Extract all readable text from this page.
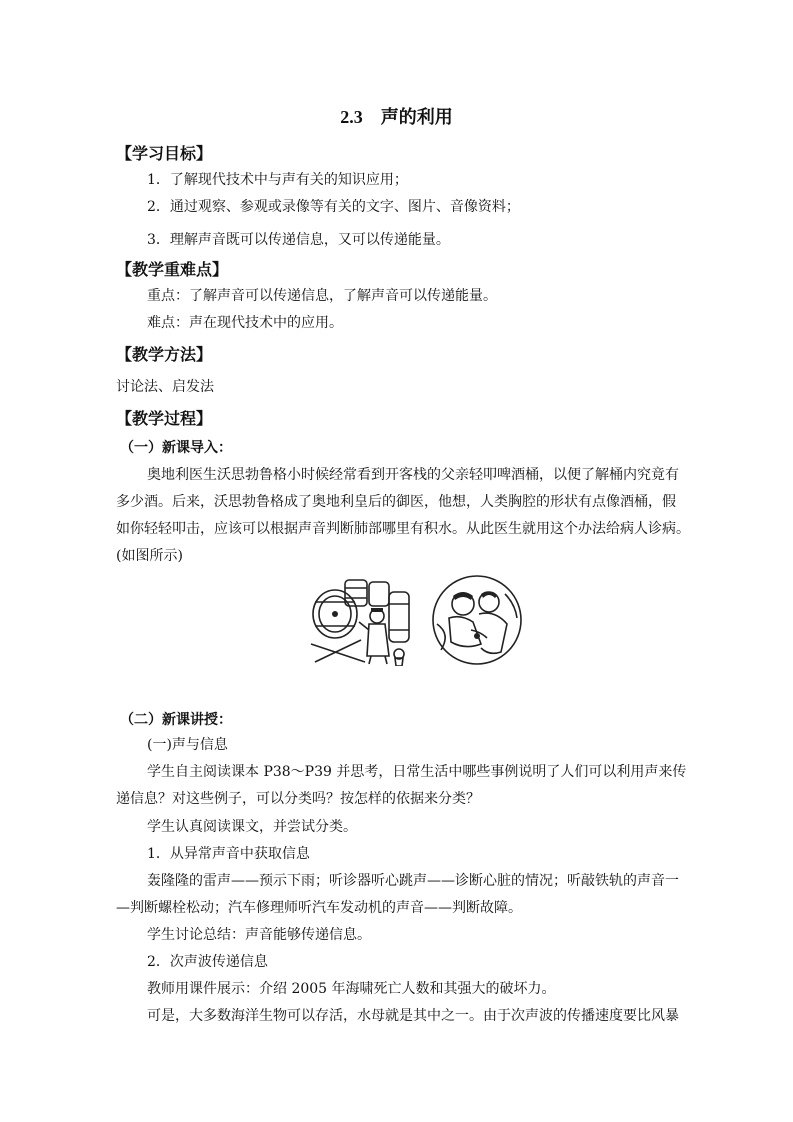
2.3 声的利用
【学习目标】
1．了解现代技术中与声有关的知识应用；
2．通过观察、参观或录像等有关的文字、图片、音像资料；
3．理解声音既可以传递信息，又可以传递能量。
【教学重难点】
重点：了解声音可以传递信息，了解声音可以传递能量。
难点：声在现代技术中的应用。
【教学方法】
讨论法、启发法
【教学过程】
（一）新课导入：
奥地利医生沃思勃鲁格小时候经常看到开客栈的父亲轻叩啤酒桶，以便了解桶内究竟有
多少酒。后来，沃思勃鲁格成了奥地利皇后的御医，他想，人类胸腔的形状有点像酒桶，假
如你轻轻叩击，应该可以根据声音判断肺部哪里有积水。从此医生就用这个办法给病人诊病。
(如图所示)
（二）新课讲授：
(一)声与信息
学生自主阅读课本 P38～P39 并思考，日常生活中哪些事例说明了人们可以利用声来传
递信息？对这些例子，可以分类吗？按怎样的依据来分类？
学生认真阅读课文，并尝试分类。
1．从异常声音中获取信息
轰隆隆的雷声——预示下雨；听诊器听心跳声——诊断心脏的情况；听敲铁轨的声音一
—判断螺栓松动；汽车修理师听汽车发动机的声音——判断故障。
学生讨论总结：声音能够传递信息。
2．次声波传递信息
教师用课件展示：介绍 2005 年海啸死亡人数和其强大的破坏力。
可是，大多数海洋生物可以存活，水母就是其中之一。由于次声波的传播速度要比风暴
